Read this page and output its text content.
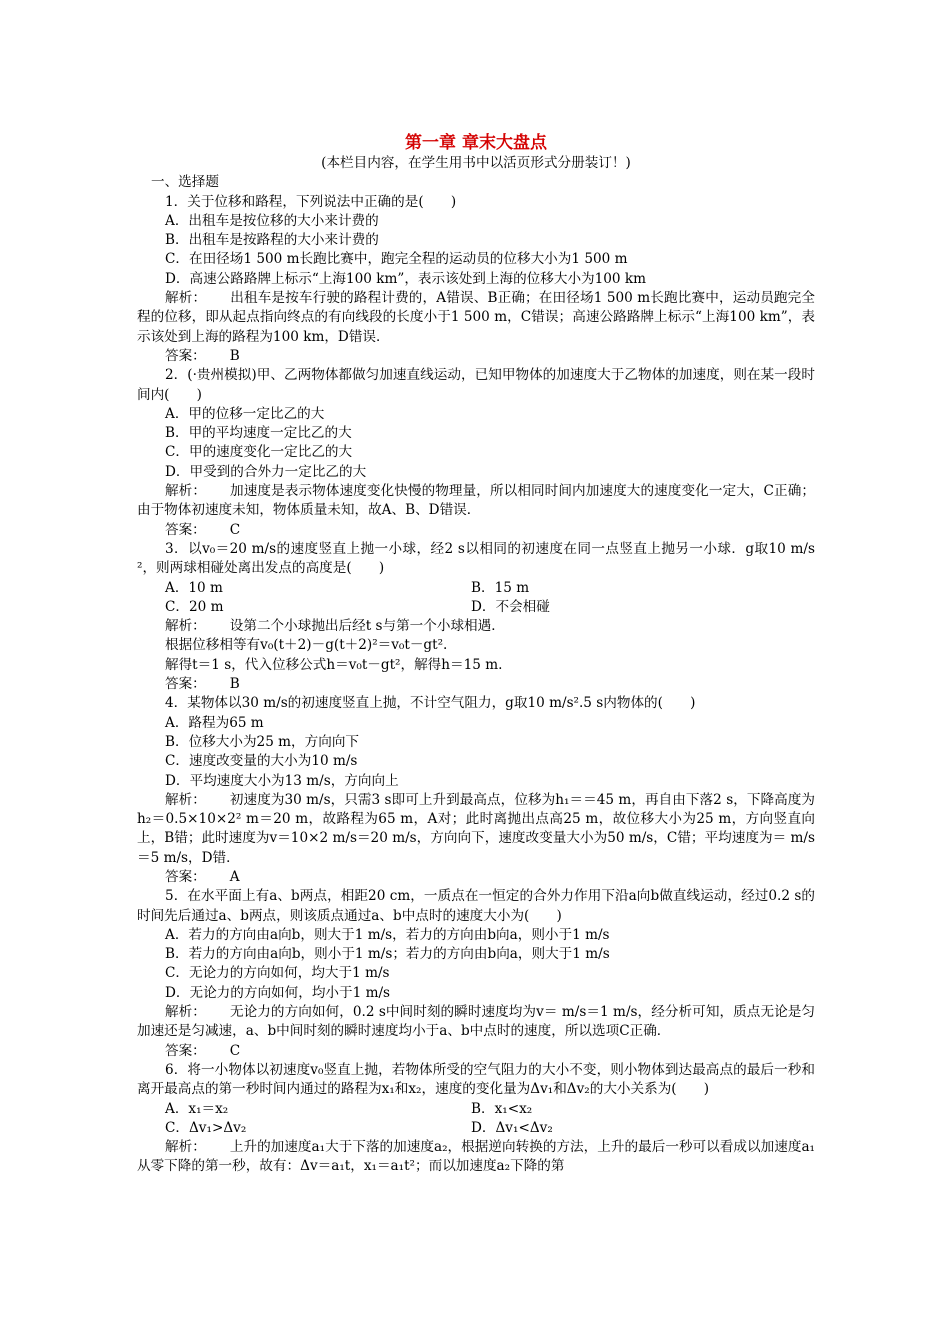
第一章 章末大盘点
(本栏目内容，在学生用书中以活页形式分册装订！)
一、选择题

1．关于位移和路程，下列说法中正确的是(　　)

A．出租车是按位移的大小来计费的

B．出租车是按路程的大小来计费的

C．在田径场1 500 m长跑比赛中，跑完全程的运动员的位移大小为1 500 m

D．高速公路路牌上标示“上海100 km”，表示该处到上海的位移大小为100 km

解析： 出租车是按车行驶的路程计费的，A错误、B正确；在田径场1 500 m长跑比赛中，运动员跑完全程的位移，即从起点指向终点的有向线段的长度小于1 500 m，C错误；高速公路路牌上标示“上海100 km”，表示该处到上海的路程为100 km，D错误．

答案： B

2．(·贵州模拟)甲、乙两物体都做匀加速直线运动，已知甲物体的加速度大于乙物体的加速度，则在某一段时间内(　　)

A．甲的位移一定比乙的大

B．甲的平均速度一定比乙的大

C．甲的速度变化一定比乙的大

D．甲受到的合外力一定比乙的大

解析： 加速度是表示物体速度变化快慢的物理量，所以相同时间内加速度大的速度变化一定大，C正确；由于物体初速度未知，物体质量未知，故A、B、D错误．

答案： C

3．以v₀＝20 m/s的速度竖直上抛一小球，经2 s以相同的初速度在同一点竖直上抛另一小球．g取10 m/s²，则两球相碰处离出发点的高度是(　　)

A．10 m	B．15 m
C．20 m	D．不会相碰

解析： 设第二个小球抛出后经t s与第一个小球相遇．

根据位移相等有v₀(t＋2)－g(t＋2)²＝v₀t－gt².

解得t＝1 s，代入位移公式h＝v₀t－gt²，解得h＝15 m.

答案： B

4．某物体以30 m/s的初速度竖直上抛，不计空气阻力，g取10 m/s².5 s内物体的(　　)

A．路程为65 m

B．位移大小为25 m，方向向下

C．速度改变量的大小为10 m/s

D．平均速度大小为13 m/s，方向向上

解析： 初速度为30 m/s，只需3 s即可上升到最高点，位移为h₁＝＝45 m，再自由下落2 s，下降高度为h₂＝0.5×10×2² m＝20 m，故路程为65 m，A对；此时离抛出点高25 m，故位移大小为25 m，方向竖直向上，B错；此时速度为v＝10×2 m/s＝20 m/s，方向向下，速度改变量大小为50 m/s，C错；平均速度为＝ m/s＝5 m/s，D错．

答案： A

5．在水平面上有a、b两点，相距20 cm，一质点在一恒定的合外力作用下沿a向b做直线运动，经过0.2 s的时间先后通过a、b两点，则该质点通过a、b中点时的速度大小为(　　)

A．若力的方向由a向b，则大于1 m/s，若力的方向由b向a，则小于1 m/s

B．若力的方向由a向b，则小于1 m/s；若力的方向由b向a，则大于1 m/s

C．无论力的方向如何，均大于1 m/s

D．无论力的方向如何，均小于1 m/s

解析： 无论力的方向如何，0.2 s中间时刻的瞬时速度均为v＝ m/s＝1 m/s，经分析可知，质点无论是匀加速还是匀减速，a、b中间时刻的瞬时速度均小于a、b中点时的速度，所以选项C正确．

答案： C

6．将一小物体以初速度v₀竖直上抛，若物体所受的空气阻力的大小不变，则小物体到达最高点的最后一秒和离开最高点的第一秒时间内通过的路程为x₁和x₂，速度的变化量为Δv₁和Δv₂的大小关系为(　　)

A．x₁＝x₂	B．x₁<x₂
C．Δv₁>Δv₂	D．Δv₁<Δv₂

解析： 上升的加速度a₁大于下落的加速度a₂，根据逆向转换的方法，上升的最后一秒可以看成以加速度a₁从零下降的第一秒，故有：Δv＝a₁t，x₁＝a₁t²；而以加速度a₂下降的第
